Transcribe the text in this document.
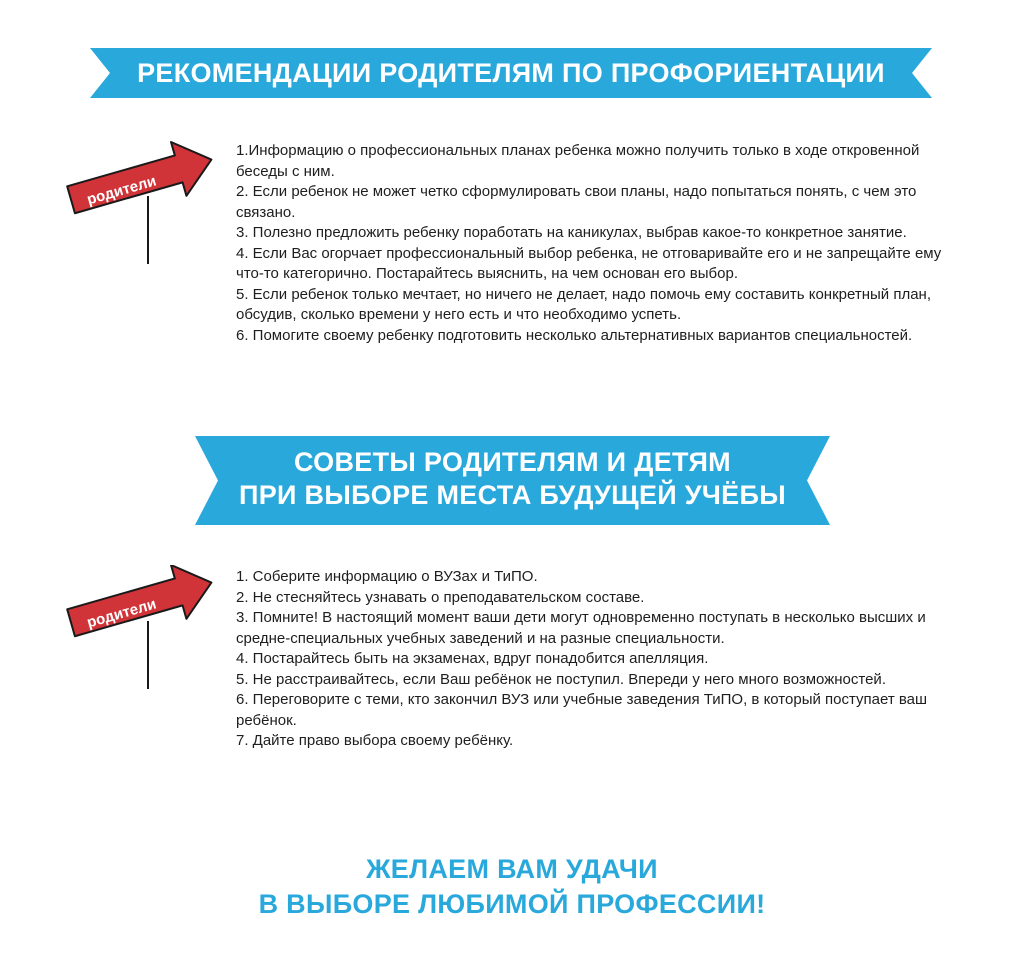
РЕКОМЕНДАЦИИ РОДИТЕЛЯМ ПО ПРОФОРИЕНТАЦИИ
родители

1.Информацию о профессиональных планах ребенка можно получить только в ходе откровенной беседы с ним.

2. Если ребенок не может четко сформулировать свои планы, надо попытаться понять, с чем это связано.

3. Полезно предложить ребенку поработать на каникулах, выбрав какое-то конкретное занятие.

4. Если Вас огорчает профессиональный выбор ребенка, не отговаривайте его и не запрещайте ему что-то категорично. Постарайтесь выяснить, на чем основан его выбор.

5. Если ребенок только мечтает, но ничего не делает, надо помочь ему составить конкретный план, обсудив, сколько времени у него есть и что необходимо успеть.

6. Помогите своему ребенку подготовить несколько альтернативных вариантов специальностей.

СОВЕТЫ РОДИТЕЛЯМ И ДЕТЯМ
ПРИ ВЫБОРЕ МЕСТА БУДУЩЕЙ УЧЁБЫ
родители

1. Соберите информацию о ВУЗах и ТиПО.

2. Не стесняйтесь узнавать о преподавательском составе.

3. Помните! В настоящий момент ваши дети могут одновременно поступать в несколько высших и средне-специальных учебных заведений и на разные специальности.

4. Постарайтесь быть на экзаменах, вдруг понадобится апелляция.

5. Не расстраивайтесь, если Ваш ребёнок не поступил. Впереди у него много возможностей.

6. Переговорите с теми, кто закончил ВУЗ или учебные заведения ТиПО, в который поступает ваш ребёнок.

7. Дайте право выбора своему ребёнку.

ЖЕЛАЕМ ВАМ УДАЧИ
В ВЫБОРЕ ЛЮБИМОЙ ПРОФЕССИИ!
